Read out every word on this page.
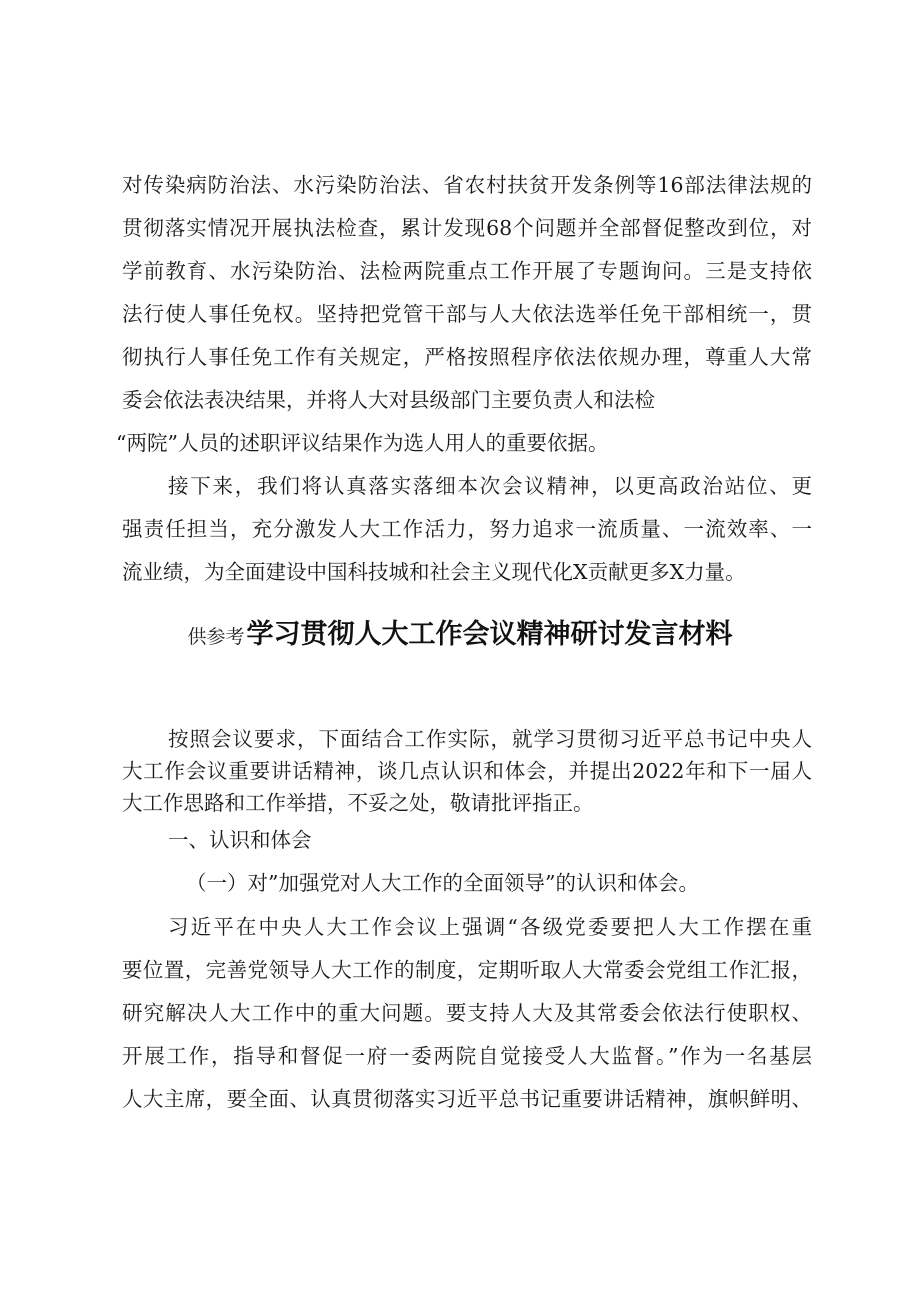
对传染病防治法、水污染防治法、省农村扶贫开发条例等16部法律法规的
贯彻落实情况开展执法检查，累计发现68个问题并全部督促整改到位，对
学前教育、水污染防治、法检两院重点工作开展了专题询问。三是支持依
法行使人事任免权。坚持把党管干部与人大依法选举任免干部相统一，贯
彻执行人事任免工作有关规定，严格按照程序依法依规办理，尊重人大常
委会依法表决结果，并将人大对县级部门主要负责人和法检
“两院”人员的述职评议结果作为选人用人的重要依据。
接下来，我们将认真落实落细本次会议精神，以更高政治站位、更
强责任担当，充分激发人大工作活力，努力追求一流质量、一流效率、一
流业绩，为全面建设中国科技城和社会主义现代化X贡献更多X力量。
供参考学习贯彻人大工作会议精神研讨发言材料
按照会议要求，下面结合工作实际，就学习贯彻习近平总书记中央人
大工作会议重要讲话精神，谈几点认识和体会，并提出2022年和下一届人
大工作思路和工作举措，不妥之处，敬请批评指正。
一、认识和体会
（一）对”加强党对人大工作的全面领导”的认识和体会。
习近平在中央人大工作会议上强调“各级党委要把人大工作摆在重
要位置，完善党领导人大工作的制度，定期听取人大常委会党组工作汇报，
研究解决人大工作中的重大问题。要支持人大及其常委会依法行使职权、
开展工作，指导和督促一府一委两院自觉接受人大监督。”作为一名基层
人大主席，要全面、认真贯彻落实习近平总书记重要讲话精神，旗帜鲜明、
